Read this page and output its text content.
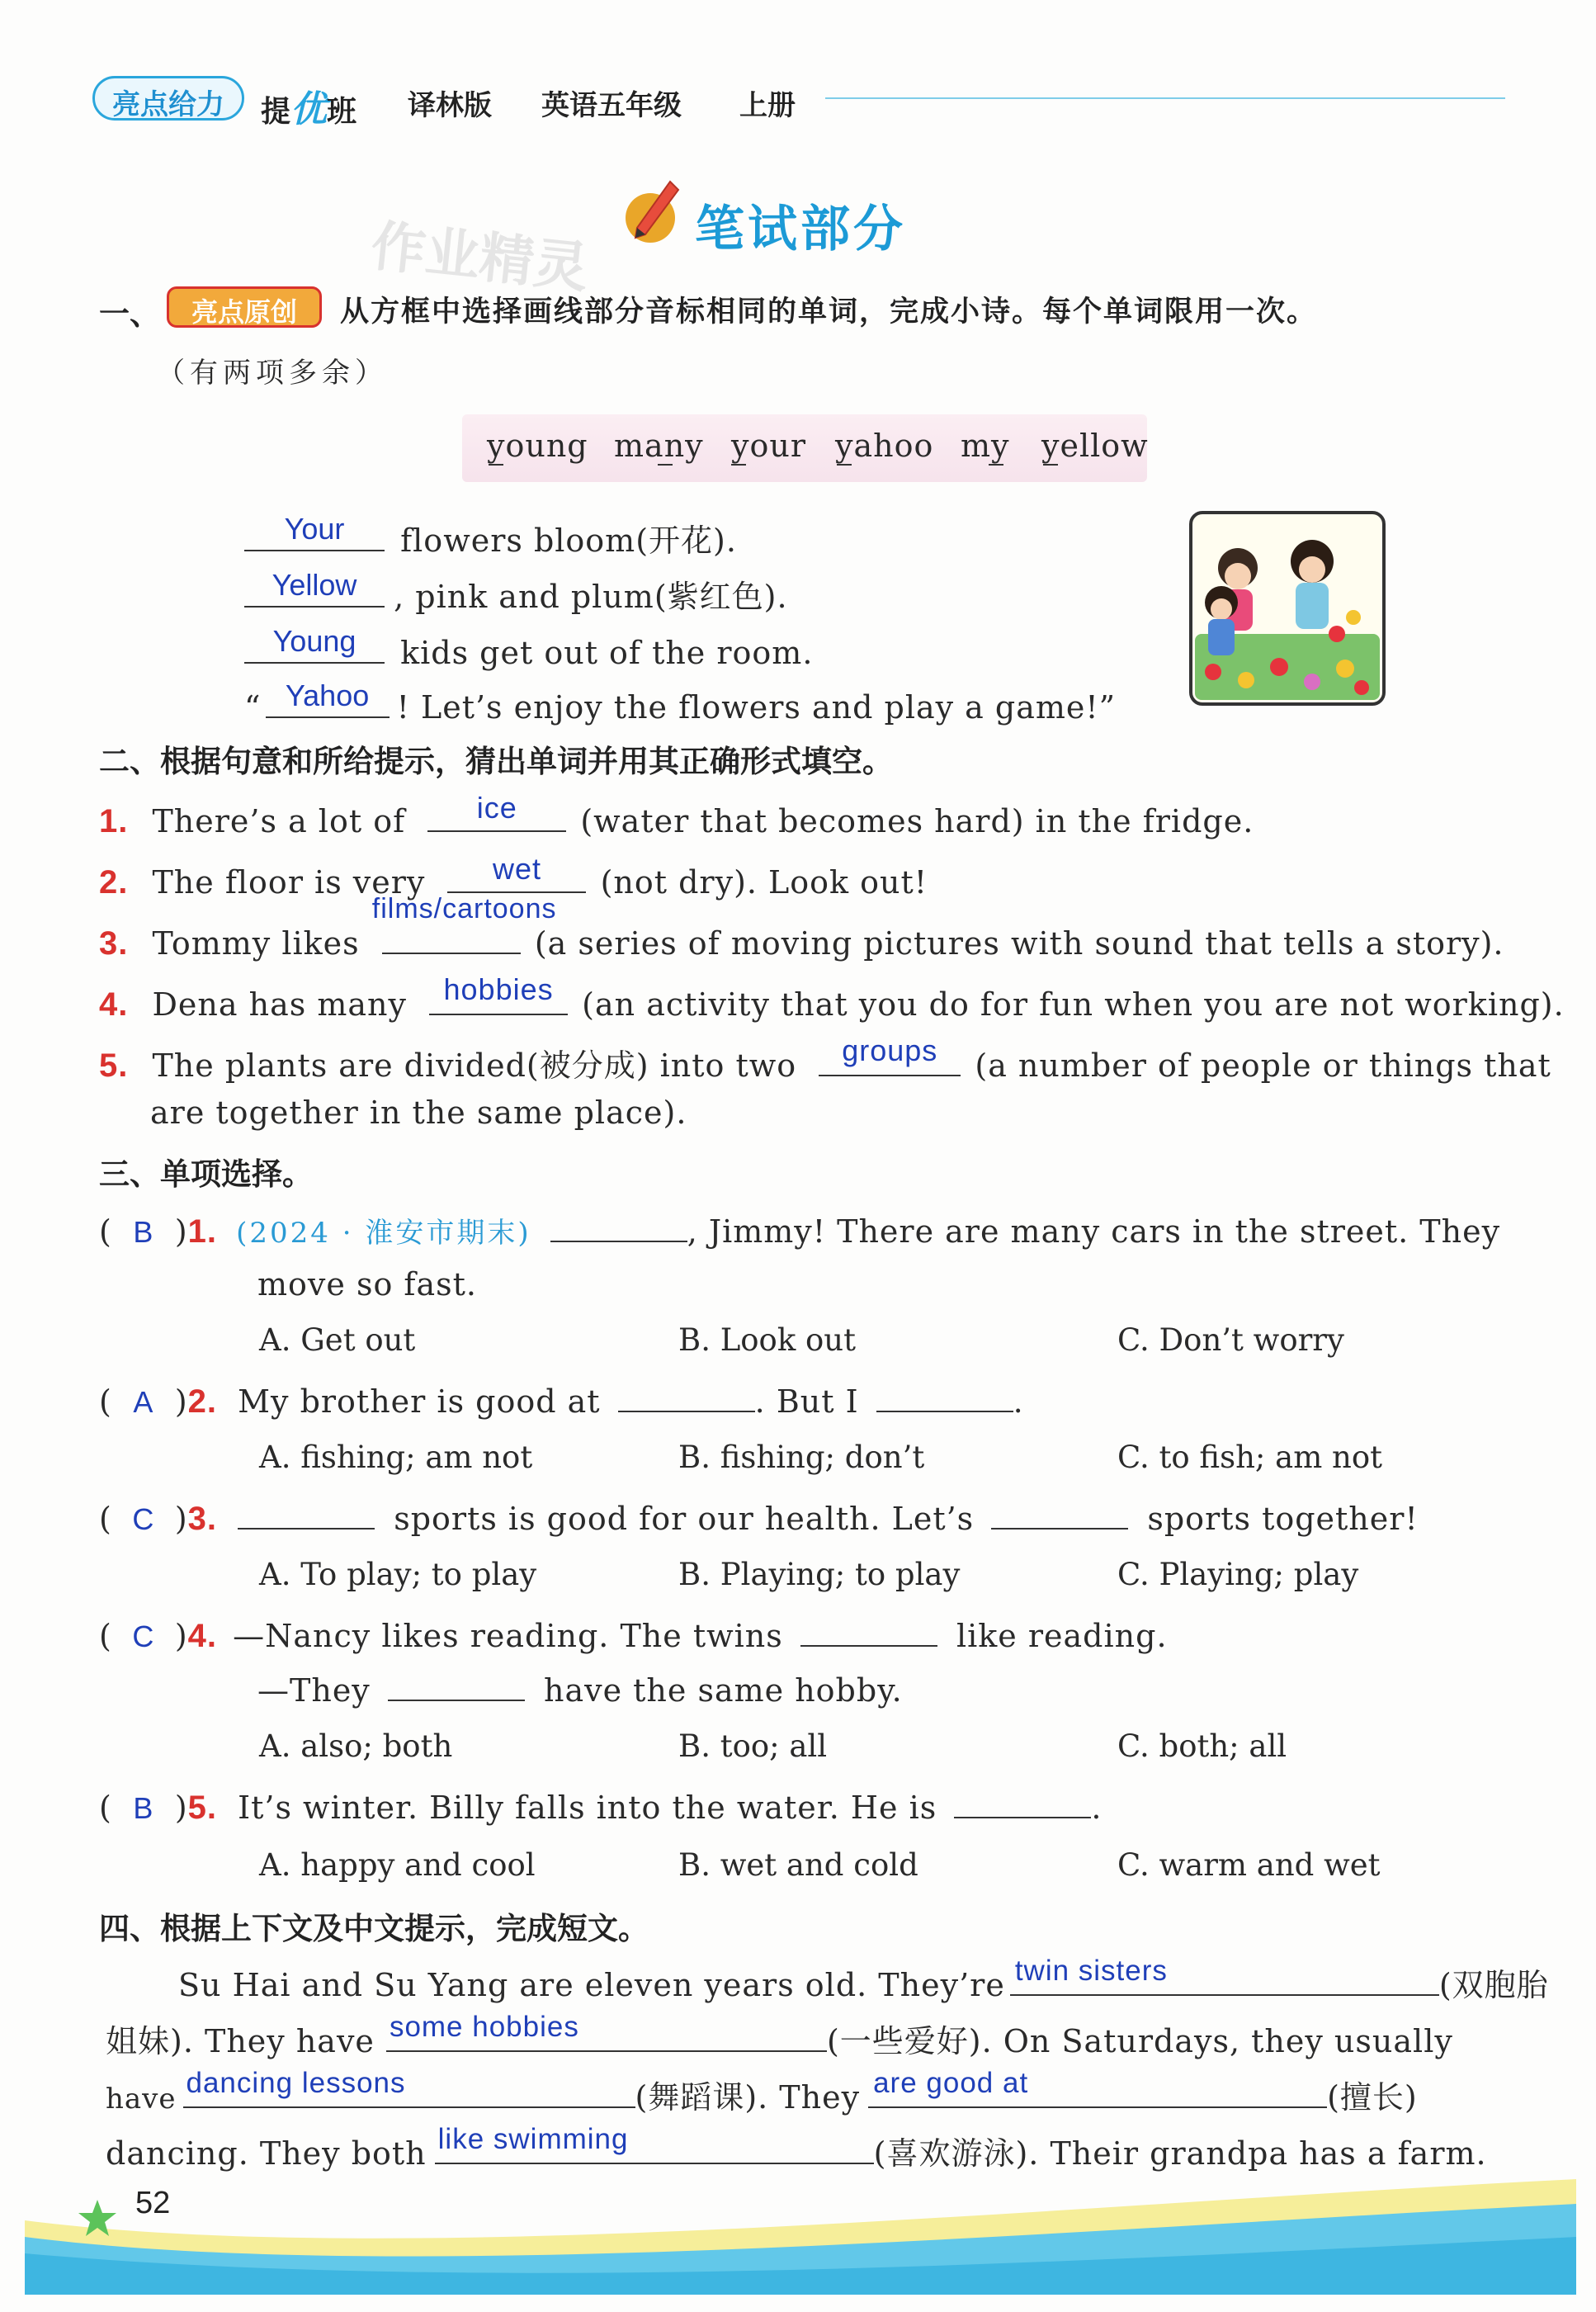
亮点给力	提优班 译林版 英语五年级 上册
作业精灵 笔试部分
一、	亮点原创	从方框中选择画线部分音标相同的单词，完成小诗。每个单词限用一次。
（有两项多余）
young many your yahoo my yellow
Your	flowers bloom(开花).
Yellow	, pink and plum(紫红色).
Young	kids get out of the room.
“ Yahoo ! Let’s enjoy the flowers and play a game!”
二、根据句意和所给提示，猜出单词并用其正确形式填空。
1. There’s a lot of	ice	(water that becomes hard) in the fridge.
2. The floor is very	wet	(not dry). Look out!
3. Tommy likes
films/cartoons
(a series of moving pictures with sound that tells a story).
4. Dena has many	hobbies (an activity that you do for fun when you are not working).
5. The plants are divided(被分成) into two	groups	(a number of people or things that
are together in the same place).
三、单项选择。
( B )1. (2024 · 淮安市期末)	, Jimmy! There are many cars in the street. They
move so fast.
A. Get out	B. Look out	C. Don’t worry
( A )2. My brother is good at	. But I	.
A. fishing; am not	B. fishing; don’t	C. to fish; am not
( C )3.	sports is good for our health. Let’s	sports together!
A. To play; to play	B. Playing; to play	C. Playing; play
( C )4. —Nancy likes reading. The twins	like reading.
—They	have the same hobby.
A. also; both	B. too; all	C. both; all
( B )5. It’s winter. Billy falls into the water. He is	.
A. happy and cool	B. wet and cold	C. warm and wet
四、根据上下文及中文提示，完成短文。
Su Hai and Su Yang are eleven years old. They’re twin sisters	(双胞胎
姐妹). They have some hobbies	(一些爱好). On Saturdays, they usually
have dancing lessons	(舞蹈课). They are good at	(擅长)
dancing. They both like swimming	(喜欢游泳). Their grandpa has a farm.
52
